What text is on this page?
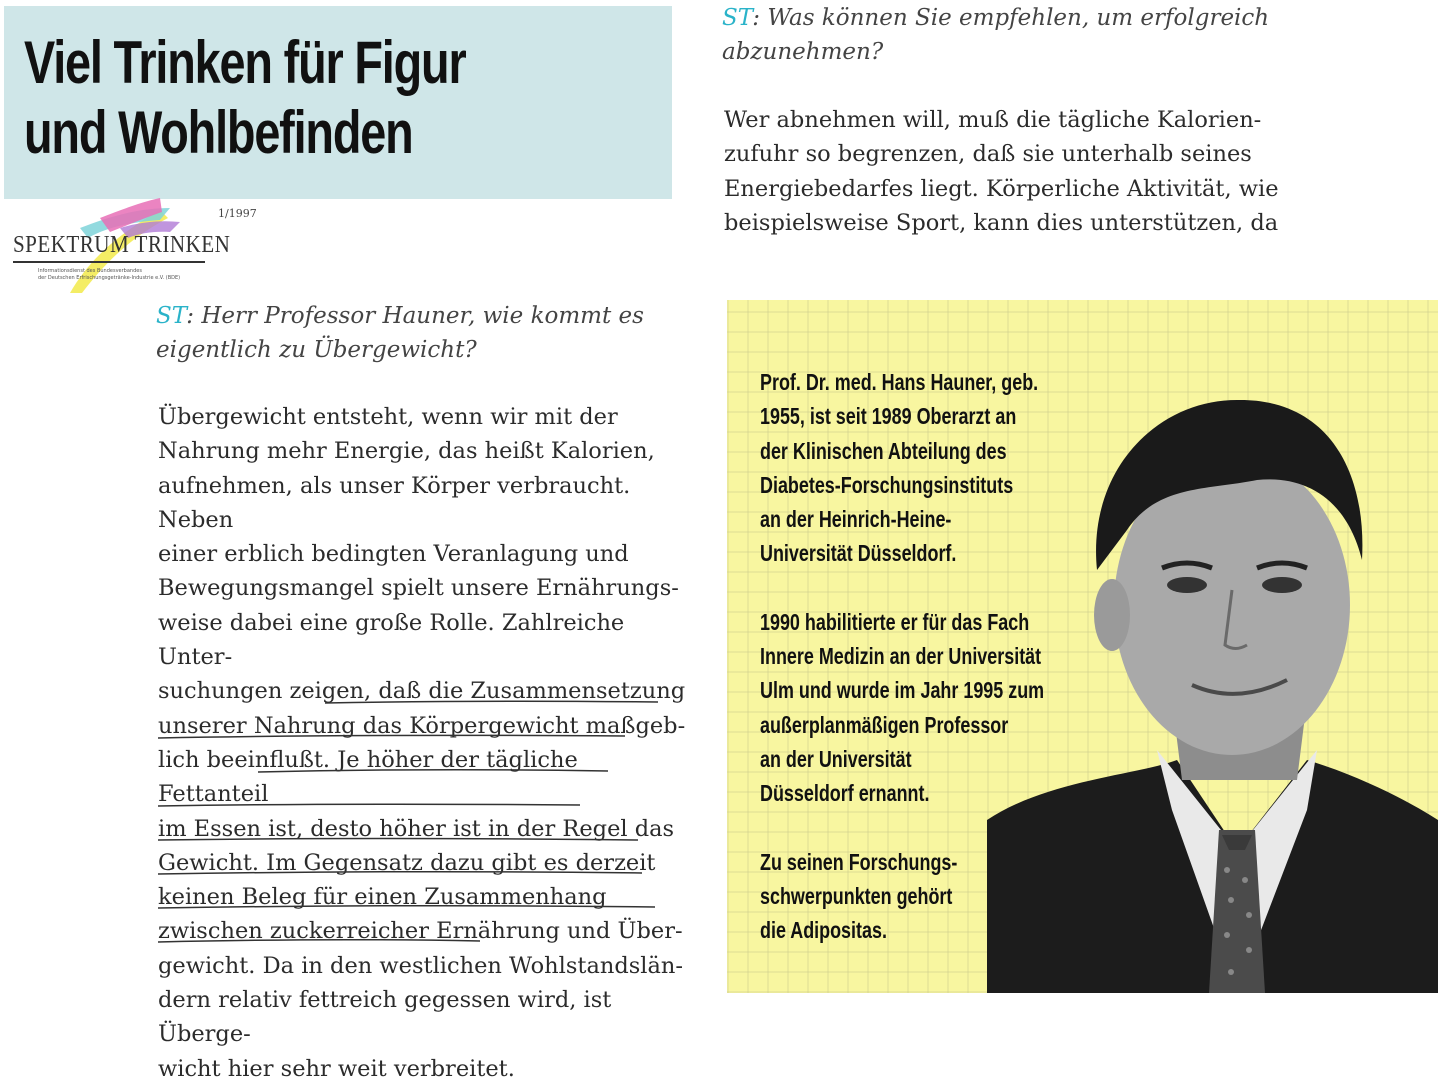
Viel Trinken für Figur
und Wohlbefinden
1/1997
SPEKTRUM TRINKEN
Informationsdienst des Bundesverbandes
der Deutschen Erfrischungsgetränke-Industrie e.V. (BDE)

ST: Herr Professor Hauner, wie kommt es eigentlich zu Übergewicht?

Übergewicht entsteht, wenn wir mit der
Nahrung mehr Energie, das heißt Kalorien,
aufnehmen, als unser Körper verbraucht. Neben
einer erblich bedingten Veranlagung und
Bewegungsmangel spielt unsere Ernährungs-
weise dabei eine große Rolle. Zahlreiche Unter-
suchungen zeigen, daß die Zusammensetzung
unserer Nahrung das Körpergewicht maßgeb-
lich beeinflußt. Je höher der tägliche Fettanteil
im Essen ist, desto höher ist in der Regel das
Gewicht. Im Gegensatz dazu gibt es derzeit
keinen Beleg für einen Zusammenhang
zwischen zuckerreicher Ernährung und Über-
gewicht. Da in den westlichen Wohlstandslän-
dern relativ fettreich gegessen wird, ist Überge-
wicht hier sehr weit verbreitet.

ST: Was können Sie empfehlen, um erfolgreich abzunehmen?

Wer abnehmen will, muß die tägliche Kalorien-
zufuhr so begrenzen, daß sie unterhalb seines
Energiebedarfes liegt. Körperliche Aktivität, wie
beispielsweise Sport, kann dies unterstützen, da

Prof. Dr. med. Hans Hauner, geb.

1955, ist seit 1989 Oberarzt an

der Klinischen Abteilung des

Diabetes-Forschungsinstituts

an der Heinrich-Heine-

Universität Düsseldorf.

1990 habilitierte er für das Fach

Innere Medizin an der Universität

Ulm und wurde im Jahr 1995 zum

außerplanmäßigen Professor

an der Universität

Düsseldorf ernannt.

Zu seinen Forschungs-

schwerpunkten gehört

die Adipositas.
